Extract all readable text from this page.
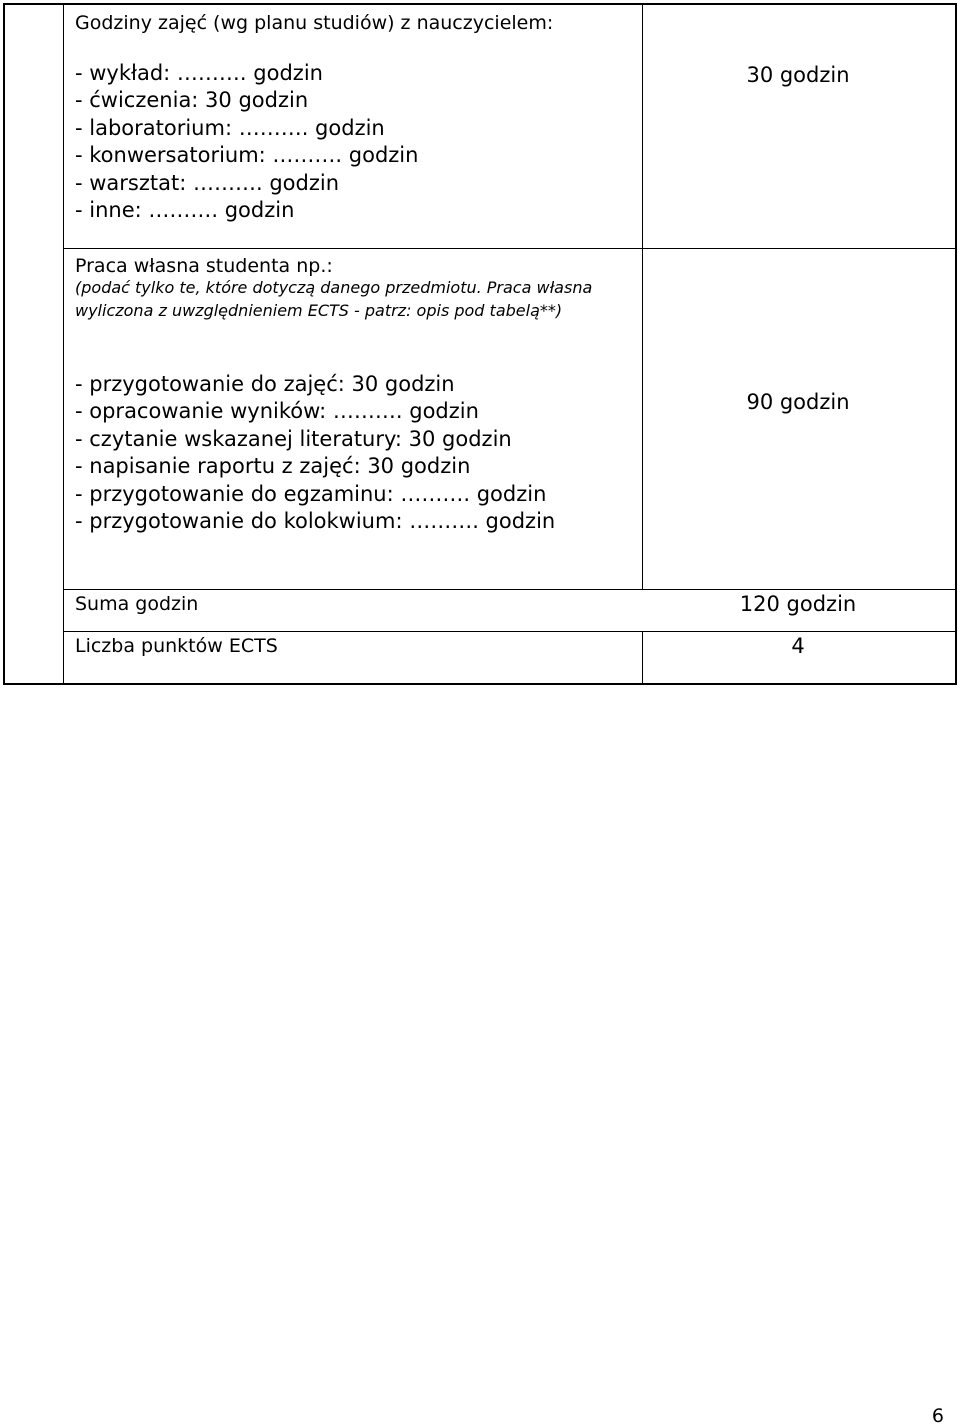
Godziny zajęć (wg planu studiów) z nauczycielem:
- wykład: ………. godzin
- ćwiczenia: 30 godzin
- laboratorium: ………. godzin
- konwersatorium: ………. godzin
- warsztat: ………. godzin
- inne: ………. godzin
30 godzin
Praca własna studenta np.:
(podać tylko te, które dotyczą danego przedmiotu. Praca własna wyliczona z uwzględnieniem ECTS - patrz: opis pod tabelą**)
- przygotowanie do zajęć: 30 godzin
- opracowanie wyników: ………. godzin
- czytanie wskazanej literatury: 30 godzin
- napisanie raportu z zajęć: 30 godzin
- przygotowanie do egzaminu: ………. godzin
- przygotowanie do kolokwium: ………. godzin
90 godzin
Suma godzin	120 godzin
Liczba punktów ECTS	4
6
